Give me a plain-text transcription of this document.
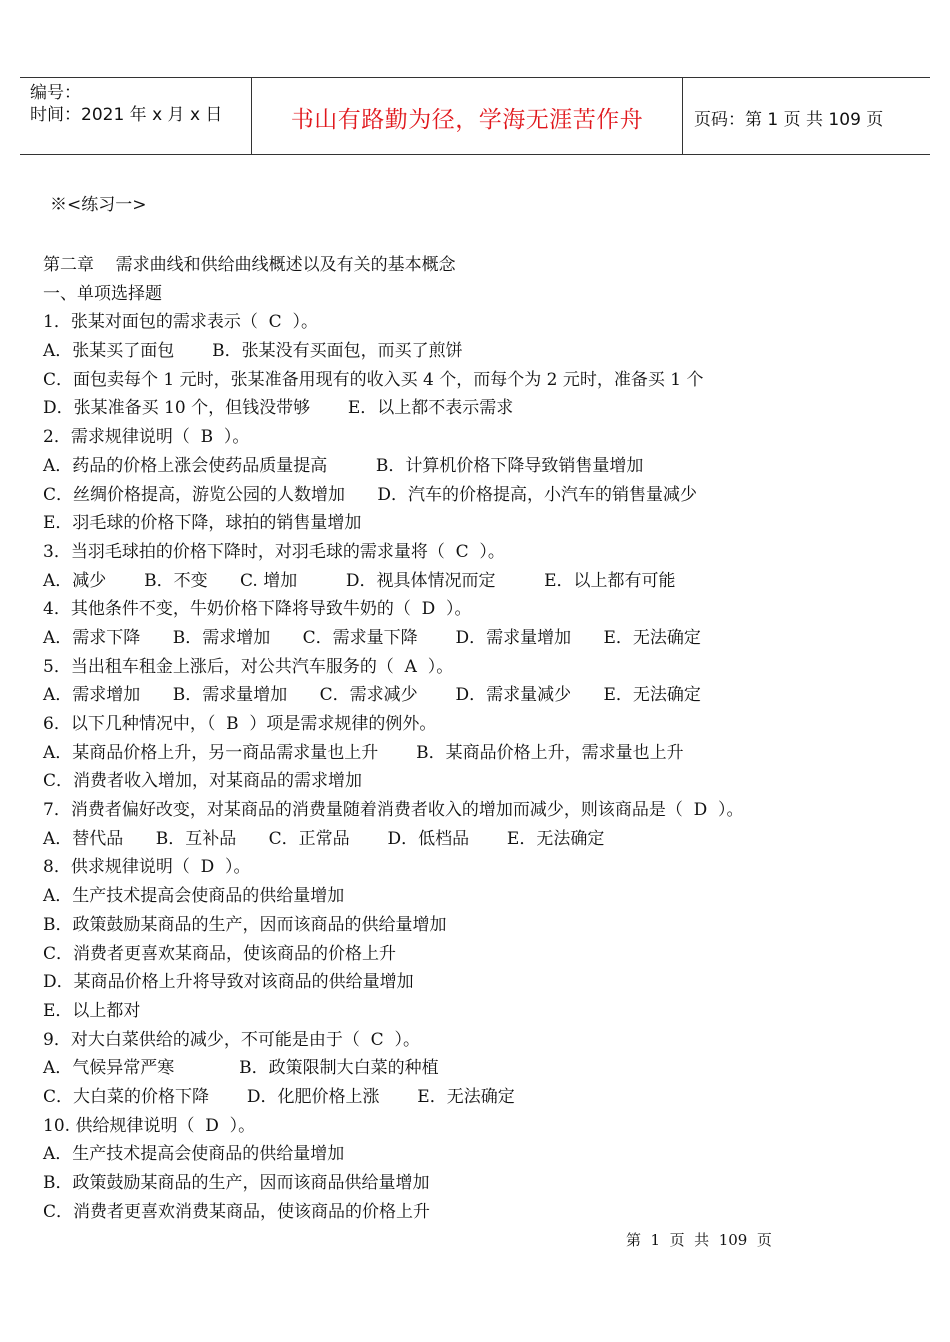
编号：
时间：2021 年 x 月 x 日	书山有路勤为径，学海无涯苦作舟	页码：第 1 页 共 109 页
※<练习一>
第二章    需求曲线和供给曲线概述以及有关的基本概念
一、单项选择题
1．张某对面包的需求表示（  C  ）。
A．张某买了面包       B．张某没有买面包，而买了煎饼
C．面包卖每个 1 元时，张某准备用现有的收入买 4 个，而每个为 2 元时，准备买 1 个
D．张某准备买 10 个，但钱没带够       E．以上都不表示需求
2．需求规律说明（  B  ）。
A．药品的价格上涨会使药品质量提高         B．计算机价格下降导致销售量增加
C．丝绸价格提高，游览公园的人数增加      D．汽车的价格提高，小汽车的销售量减少
E．羽毛球的价格下降，球拍的销售量增加
3．当羽毛球拍的价格下降时，对羽毛球的需求量将（  C  ）。
A．减少       B．不变      C. 增加         D．视具体情况而定         E．以上都有可能
4．其他条件不变，牛奶价格下降将导致牛奶的（  D  ）。
A．需求下降      B．需求增加      C．需求量下降       D．需求量增加      E．无法确定
5．当出租车租金上涨后，对公共汽车服务的（  A  ）。
A．需求增加      B．需求量增加      C．需求减少       D．需求量减少      E．无法确定
6．以下几种情况中，（  B  ）项是需求规律的例外。
A．某商品价格上升，另一商品需求量也上升       B．某商品价格上升，需求量也上升
C．消费者收入增加，对某商品的需求增加
7．消费者偏好改变，对某商品的消费量随着消费者收入的增加而减少，则该商品是（  D  ）。
A．替代品      B．互补品      C．正常品       D．低档品       E．无法确定
8．供求规律说明（  D  ）。
A．生产技术提高会使商品的供给量增加
B．政策鼓励某商品的生产，因而该商品的供给量增加
C．消费者更喜欢某商品，使该商品的价格上升
D．某商品价格上升将导致对该商品的供给量增加
E．以上都对
9．对大白菜供给的减少，不可能是由于（  C  ）。
A．气候异常严寒            B．政策限制大白菜的种植
C．大白菜的价格下降       D．化肥价格上涨       E．无法确定
10. 供给规律说明（  D  ）。
A．生产技术提高会使商品的供给量增加
B．政策鼓励某商品的生产，因而该商品供给量增加
C．消费者更喜欢消费某商品，使该商品的价格上升
第  1  页  共  109  页
